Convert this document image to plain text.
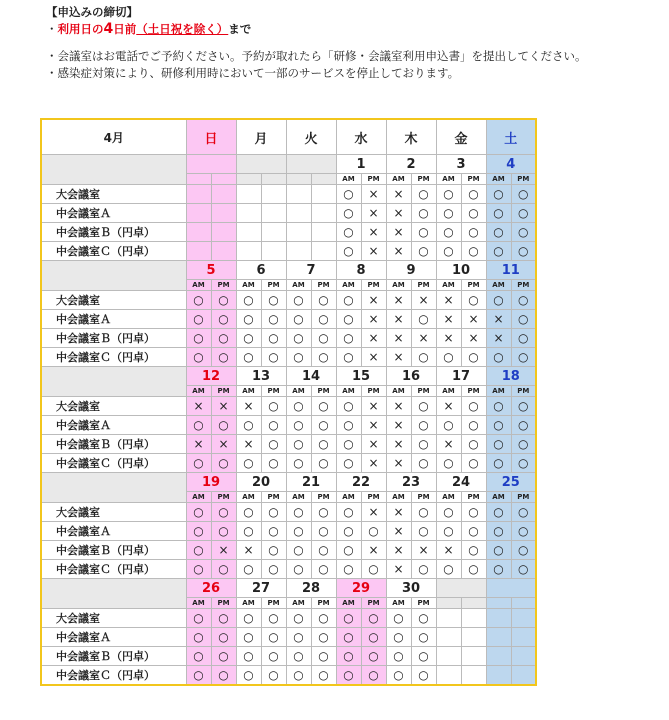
【申込みの締切】
・利用日の4日前（土日祝を除く）まで
・会議室はお電話でご予約ください。予約が取れたら「研修・会議室利用申込書」を提出してください。
・感染症対策により、研修利用時において一部のサービスを停止しております。
4月	日		月		火		水		木		金		土	
							1		2		3		4	
							AM	PM	AM	PM	AM	PM	AM	PM
大会議室							○	×	×	○	○	○	○	○
中会議室Ａ							○	×	×	○	○	○	○	○
中会議室Ｂ（円卓）							○	×	×	○	○	○	○	○
中会議室Ｃ（円卓）							○	×	×	○	○	○	○	○
	5		6		7		8		9		10		11	
	AM	PM	AM	PM	AM	PM	AM	PM	AM	PM	AM	PM	AM	PM
大会議室	○	○	○	○	○	○	○	×	×	×	×	○	○	○
中会議室Ａ	○	○	○	○	○	○	○	×	×	○	×	×	×	○
中会議室Ｂ（円卓）	○	○	○	○	○	○	○	×	×	×	×	×	×	○
中会議室Ｃ（円卓）	○	○	○	○	○	○	○	×	×	○	○	○	○	○
	12		13		14		15		16		17		18	
	AM	PM	AM	PM	AM	PM	AM	PM	AM	PM	AM	PM	AM	PM
大会議室	×	×	×	○	○	○	○	×	×	○	×	○	○	○
中会議室Ａ	○	○	○	○	○	○	○	×	×	○	○	○	○	○
中会議室Ｂ（円卓）	×	×	×	○	○	○	○	×	×	○	×	○	○	○
中会議室Ｃ（円卓）	○	○	○	○	○	○	○	×	×	○	○	○	○	○
	19		20		21		22		23		24		25	
	AM	PM	AM	PM	AM	PM	AM	PM	AM	PM	AM	PM	AM	PM
大会議室	○	○	○	○	○	○	○	×	×	○	○	○	○	○
中会議室Ａ	○	○	○	○	○	○	○	○	×	○	○	○	○	○
中会議室Ｂ（円卓）	○	×	×	○	○	○	○	×	×	×	×	○	○	○
中会議室Ｃ（円卓）	○	○	○	○	○	○	○	○	×	○	○	○	○	○
	26		27		28		29		30					
	AM	PM	AM	PM	AM	PM	AM	PM	AM	PM				
大会議室	○	○	○	○	○	○	○	○	○	○				
中会議室Ａ	○	○	○	○	○	○	○	○	○	○				
中会議室Ｂ（円卓）	○	○	○	○	○	○	○	○	○	○				
中会議室Ｃ（円卓）	○	○	○	○	○	○	○	○	○	○				
